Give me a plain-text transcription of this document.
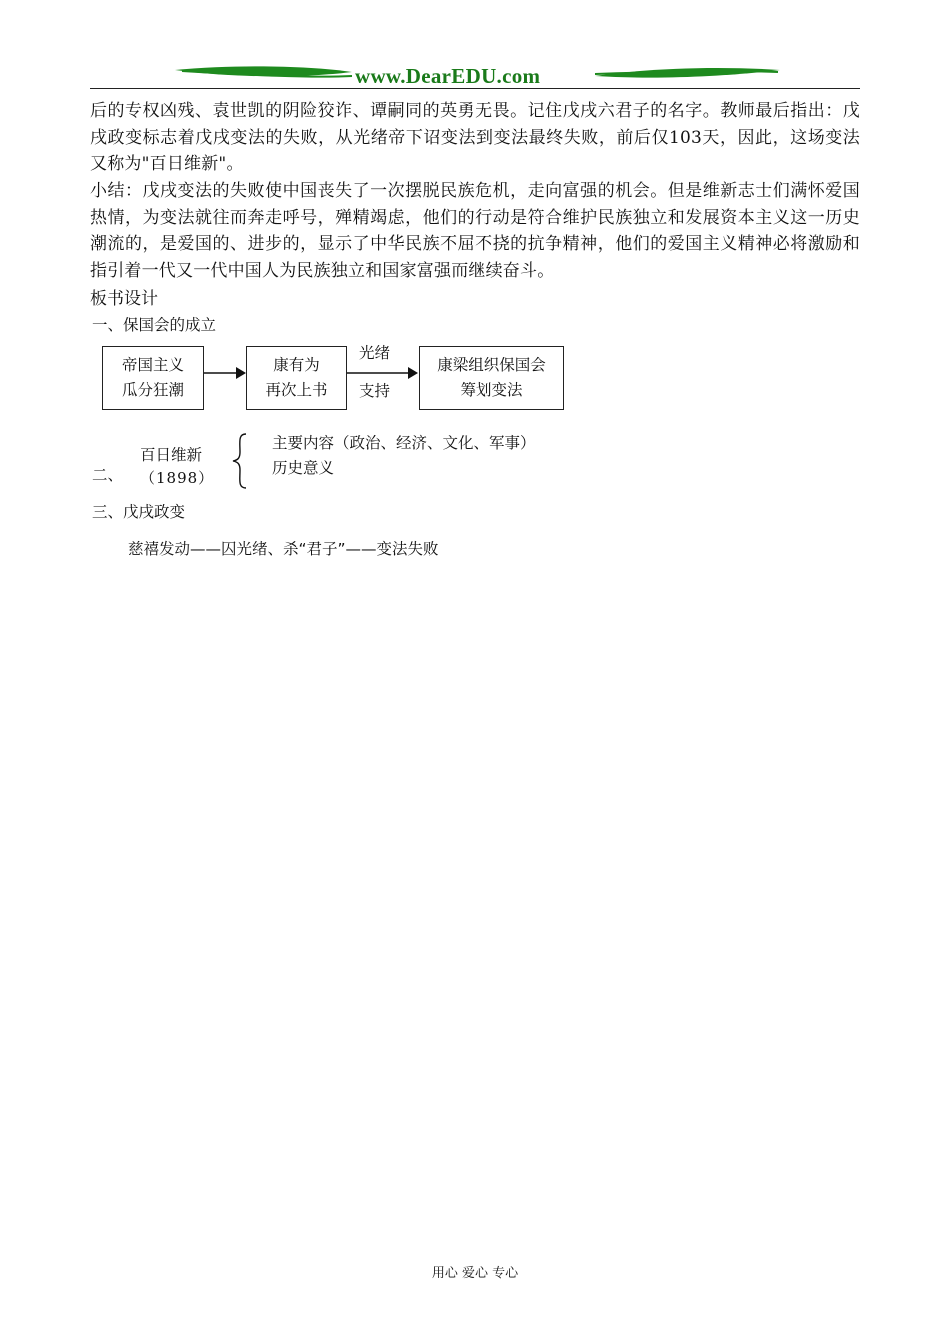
www.DearEDU.com

后的专权凶残、袁世凯的阴险狡诈、谭嗣同的英勇无畏。记住戊戌六君子的名字。教师最后指出：戊戌政变标志着戊戌变法的失败，从光绪帝下诏变法到变法最终失败，前后仅103天，因此，这场变法又称为"百日维新"。

小结：戊戌变法的失败使中国丧失了一次摆脱民族危机，走向富强的机会。但是维新志士们满怀爱国热情，为变法就往而奔走呼号，殚精竭虑，他们的行动是符合维护民族独立和发展资本主义这一历史潮流的，是爱国的、进步的，显示了中华民族不屈不挠的抗争精神，他们的爱国主义精神必将激励和指引着一代又一代中国人为民族独立和国家富强而继续奋斗。

板书设计
一、保国会的成立
帝国主义
瓜分狂潮
康有为
再次上书
康梁组织保国会
筹划变法
光绪
支持
二、
百日维新
（1898）
主要内容（政治、经济、文化、军事）
历史意义
三、戊戌政变
慈禧发动——囚光绪、杀“君子”——变法失败
用心 爱心 专心
